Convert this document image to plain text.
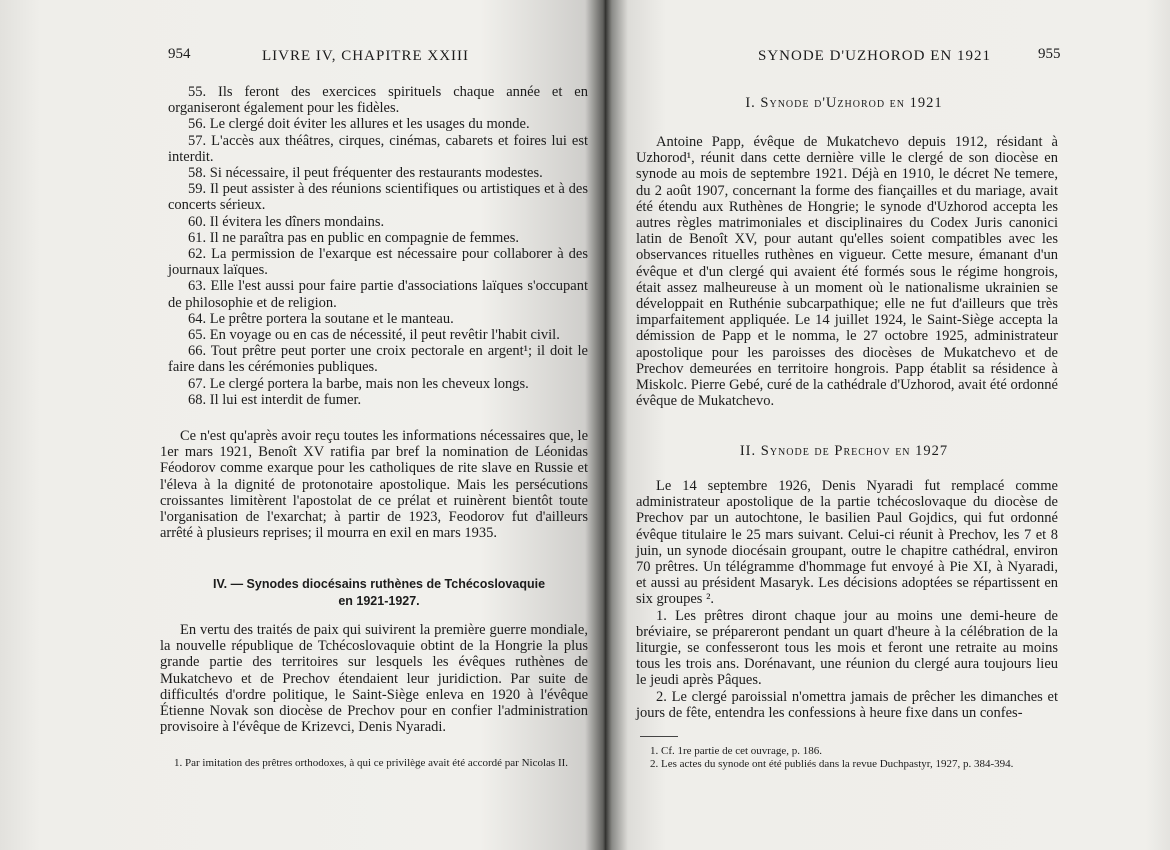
954	LIVRE IV, CHAPITRE XXIII

55. Ils feront des exercices spirituels chaque année et en organiseront également pour les fidèles.

56. Le clergé doit éviter les allures et les usages du monde.

57. L'accès aux théâtres, cirques, cinémas, cabarets et foires lui est interdit.

58. Si nécessaire, il peut fréquenter des restaurants modestes.

59. Il peut assister à des réunions scientifiques ou artistiques et à des concerts sérieux.

60. Il évitera les dîners mondains.

61. Il ne paraîtra pas en public en compagnie de femmes.

62. La permission de l'exarque est nécessaire pour collaborer à des journaux laïques.

63. Elle l'est aussi pour faire partie d'associations laïques s'occupant de philosophie et de religion.

64. Le prêtre portera la soutane et le manteau.

65. En voyage ou en cas de nécessité, il peut revêtir l'habit civil.

66. Tout prêtre peut porter une croix pectorale en argent¹; il doit le faire dans les cérémonies publiques.

67. Le clergé portera la barbe, mais non les cheveux longs.

68. Il lui est interdit de fumer.

Ce n'est qu'après avoir reçu toutes les informations nécessaires que, le 1er mars 1921, Benoît XV ratifia par bref la nomination de Léonidas Féodorov comme exarque pour les catholiques de rite slave en Russie et l'éleva à la dignité de protonotaire apostolique. Mais les persécutions croissantes limitèrent l'apostolat de ce prélat et ruinèrent bientôt toute l'organisation de l'exarchat; à partir de 1923, Feodorov fut d'ailleurs arrêté à plusieurs reprises; il mourra en exil en mars 1935.

IV. — Synodes diocésains ruthènes de Tchécoslovaquie
en 1921-1927.

En vertu des traités de paix qui suivirent la première guerre mondiale, la nouvelle république de Tchécoslovaquie obtint de la Hongrie la plus grande partie des territoires sur lesquels les évêques ruthènes de Mukatchevo et de Prechov étendaient leur juridiction. Par suite de difficultés d'ordre politique, le Saint-Siège enleva en 1920 à l'évêque Étienne Novak son diocèse de Prechov pour en confier l'administration provisoire à l'évêque de Krizevci, Denis Nyaradi.

1. Par imitation des prêtres orthodoxes, à qui ce privilège avait été accordé par Nicolas II.
SYNODE D'UZHOROD EN 1921	955
I. Synode d'Uzhorod en 1921

Antoine Papp, évêque de Mukatchevo depuis 1912, résidant à Uzhorod¹, réunit dans cette dernière ville le clergé de son diocèse en synode au mois de septembre 1921. Déjà en 1910, le décret Ne temere, du 2 août 1907, concernant la forme des fiançailles et du mariage, avait été étendu aux Ruthènes de Hongrie; le synode d'Uzhorod accepta les autres règles matrimoniales et disciplinaires du Codex Juris canonici latin de Benoît XV, pour autant qu'elles soient compatibles avec les observances rituelles ruthènes en vigueur. Cette mesure, émanant d'un évêque et d'un clergé qui avaient été formés sous le régime hongrois, était assez malheureuse à un moment où le nationalisme ukrainien se développait en Ruthénie subcarpathique; elle ne fut d'ailleurs que très imparfaitement appliquée. Le 14 juillet 1924, le Saint-Siège accepta la démission de Papp et le nomma, le 27 octobre 1925, administrateur apostolique pour les paroisses des diocèses de Mukatchevo et de Prechov demeurées en territoire hongrois. Papp établit sa résidence à Miskolc. Pierre Gebé, curé de la cathédrale d'Uzhorod, avait été ordonné évêque de Mukatchevo.

II. Synode de Prechov en 1927

Le 14 septembre 1926, Denis Nyaradi fut remplacé comme administrateur apostolique de la partie tchécoslovaque du diocèse de Prechov par un autochtone, le basilien Paul Gojdics, qui fut ordonné évêque titulaire le 25 mars suivant. Celui-ci réunit à Prechov, les 7 et 8 juin, un synode diocésain groupant, outre le chapitre cathédral, environ 70 prêtres. Un télégramme d'hommage fut envoyé à Pie XI, à Nyaradi, et aussi au président Masaryk. Les décisions adoptées se répartissent en six groupes ².

1. Les prêtres diront chaque jour au moins une demi-heure de bréviaire, se prépareront pendant un quart d'heure à la célébration de la liturgie, se confesseront tous les mois et feront une retraite au moins tous les trois ans. Dorénavant, une réunion du clergé aura toujours lieu le jeudi après Pâques.

2. Le clergé paroissial n'omettra jamais de prêcher les dimanches et jours de fête, entendra les confessions à heure fixe dans un confes-

1. Cf. 1re partie de cet ouvrage, p. 186.
2. Les actes du synode ont été publiés dans la revue Duchpastyr, 1927, p. 384-394.
